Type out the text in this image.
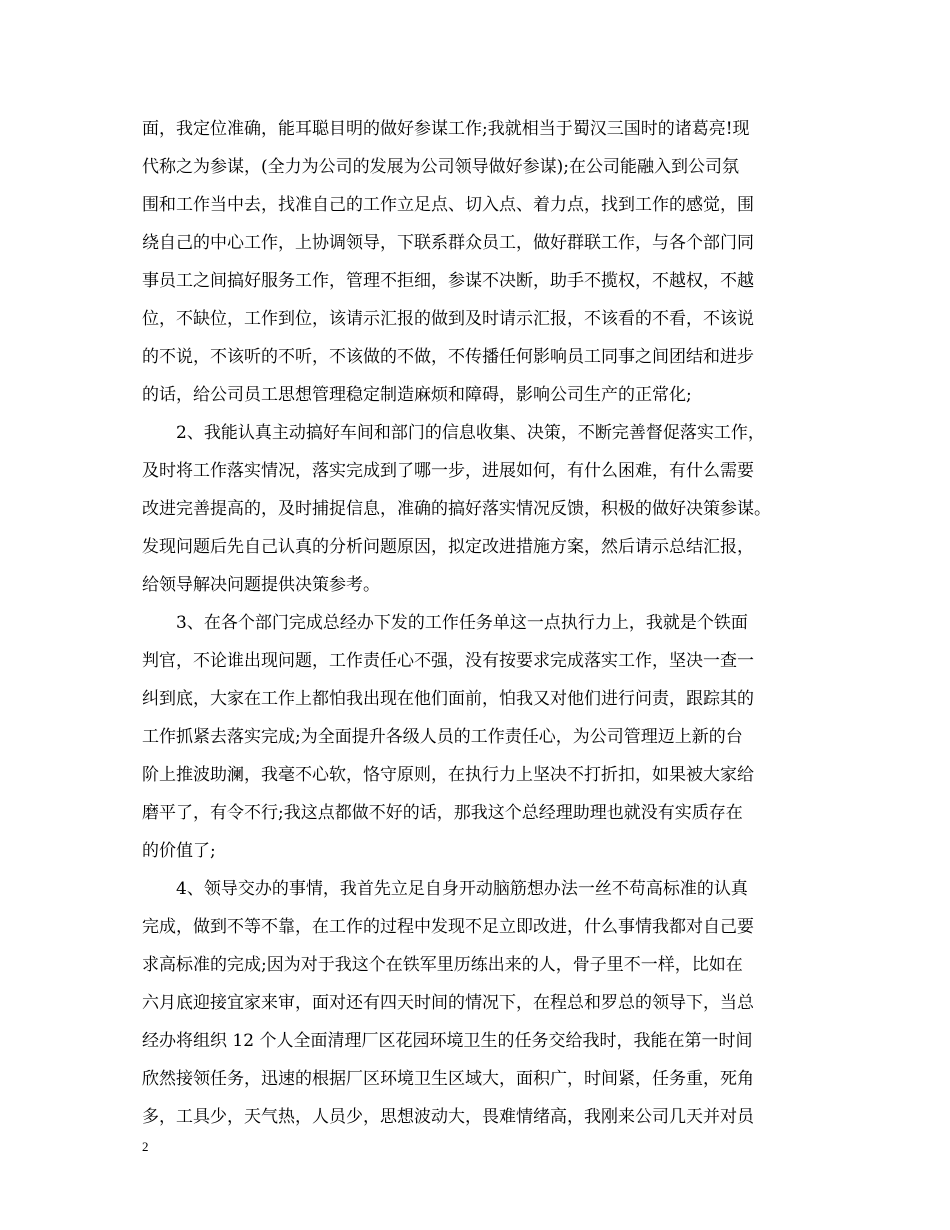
面，我定位准确，能耳聪目明的做好参谋工作;我就相当于蜀汉三国时的诸葛亮!现
代称之为参谋，(全力为公司的发展为公司领导做好参谋);在公司能融入到公司氛
围和工作当中去，找准自己的工作立足点、切入点、着力点，找到工作的感觉，围
绕自己的中心工作，上协调领导，下联系群众员工，做好群联工作，与各个部门同
事员工之间搞好服务工作，管理不拒细，参谋不决断，助手不揽权，不越权，不越
位，不缺位，工作到位，该请示汇报的做到及时请示汇报，不该看的不看，不该说
的不说，不该听的不听，不该做的不做，不传播任何影响员工同事之间团结和进步
的话，给公司员工思想管理稳定制造麻烦和障碍，影响公司生产的正常化;
　　2、我能认真主动搞好车间和部门的信息收集、决策，不断完善督促落实工作，
及时将工作落实情况，落实完成到了哪一步，进展如何，有什么困难，有什么需要
改进完善提高的，及时捕捉信息，准确的搞好落实情况反馈，积极的做好决策参谋。
发现问题后先自己认真的分析问题原因，拟定改进措施方案，然后请示总结汇报，
给领导解决问题提供决策参考。
　　3、在各个部门完成总经办下发的工作任务单这一点执行力上，我就是个铁面
判官，不论谁出现问题，工作责任心不强，没有按要求完成落实工作，坚决一查一
纠到底，大家在工作上都怕我出现在他们面前，怕我又对他们进行问责，跟踪其的
工作抓紧去落实完成;为全面提升各级人员的工作责任心，为公司管理迈上新的台
阶上推波助澜，我毫不心软，恪守原则，在执行力上坚决不打折扣，如果被大家给
磨平了，有令不行;我这点都做不好的话，那我这个总经理助理也就没有实质存在
的价值了;
　　4、领导交办的事情，我首先立足自身开动脑筋想办法一丝不苟高标准的认真
完成，做到不等不靠，在工作的过程中发现不足立即改进，什么事情我都对自己要
求高标准的完成;因为对于我这个在铁军里历练出来的人，骨子里不一样，比如在
六月底迎接宜家来审，面对还有四天时间的情况下，在程总和罗总的领导下，当总
经办将组织 12 个人全面清理厂区花园环境卫生的任务交给我时，我能在第一时间
欣然接领任务，迅速的根据厂区环境卫生区域大，面积广，时间紧，任务重，死角
多，工具少，天气热，人员少，思想波动大，畏难情绪高，我刚来公司几天并对员
2
